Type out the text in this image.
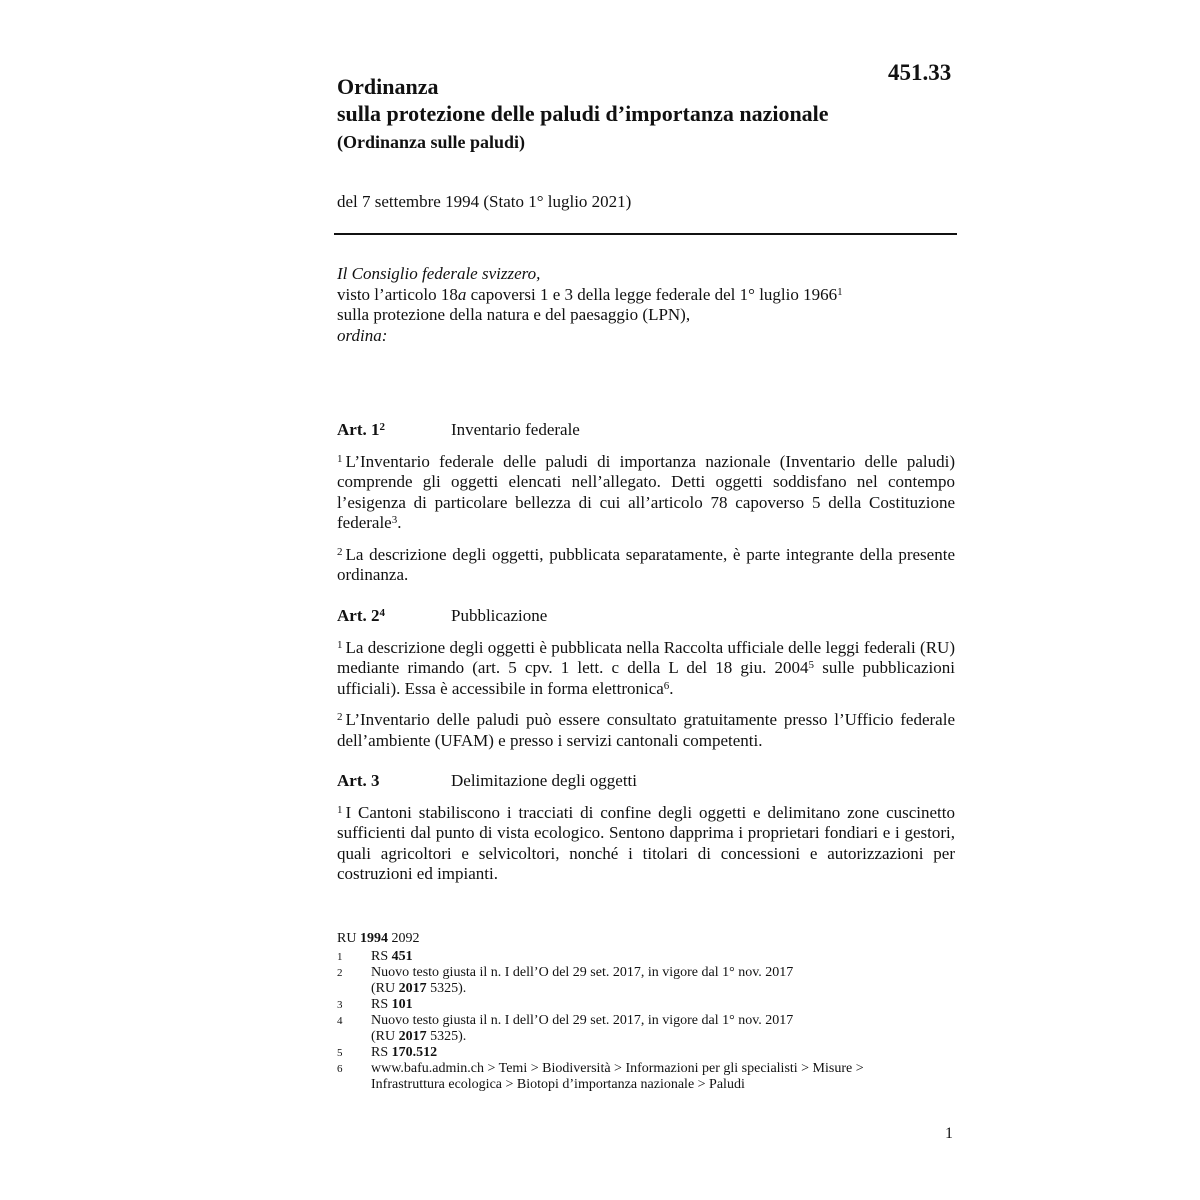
451.33
Ordinanza
sulla protezione delle paludi d’importanza nazionale
(Ordinanza sulle paludi)
del 7 settembre 1994 (Stato 1° luglio 2021)
Il Consiglio federale svizzero,
visto l’articolo 18a capoversi 1 e 3 della legge federale del 1° luglio 1966$^1$
sulla protezione della natura e del paesaggio (LPN),
ordina:
Art. $1^2$	Inventario federale
$^1$ L’Inventario federale delle paludi di importanza nazionale (Inventario delle paludi) comprende gli oggetti elencati nell’allegato. Detti oggetti soddisfano nel contempo l’esigenza di particolare bellezza di cui all’articolo 78 capoverso 5 della Costituzione federale$^3$.
$^2$ La descrizione degli oggetti, pubblicata separatamente, è parte integrante della presente ordinanza.
Art. $2^4$	Pubblicazione
$^1$ La descrizione degli oggetti è pubblicata nella Raccolta ufficiale delle leggi federali (RU) mediante rimando (art. 5 cpv. 1 lett. c della L del 18 giu. 2004$^5$ sulle pubblicazioni ufficiali). Essa è accessibile in forma elettronica$^6$.
$^2$ L’Inventario delle paludi può essere consultato gratuitamente presso l’Ufficio federale dell’ambiente (UFAM) e presso i servizi cantonali competenti.
Art. 3	Delimitazione degli oggetti
$^1$ I Cantoni stabiliscono i tracciati di confine degli oggetti e delimitano zone cuscinetto sufficienti dal punto di vista ecologico. Sentono dapprima i proprietari fondiari e i gestori, quali agricoltori e selvicoltori, nonché i titolari di concessioni e autorizzazioni per costruzioni ed impianti.
RU 1994 2092
1	RS 451
2	Nuovo testo giusta il n. I dell’O del 29 set. 2017, in vigore dal 1° nov. 2017
(RU 2017 5325).
3	RS 101
4	Nuovo testo giusta il n. I dell’O del 29 set. 2017, in vigore dal 1° nov. 2017
(RU 2017 5325).
5	RS 170.512
6	www.bafu.admin.ch > Temi > Biodiversità > Informazioni per gli specialisti > Misure >
Infrastruttura ecologica > Biotopi d’importanza nazionale > Paludi
1
